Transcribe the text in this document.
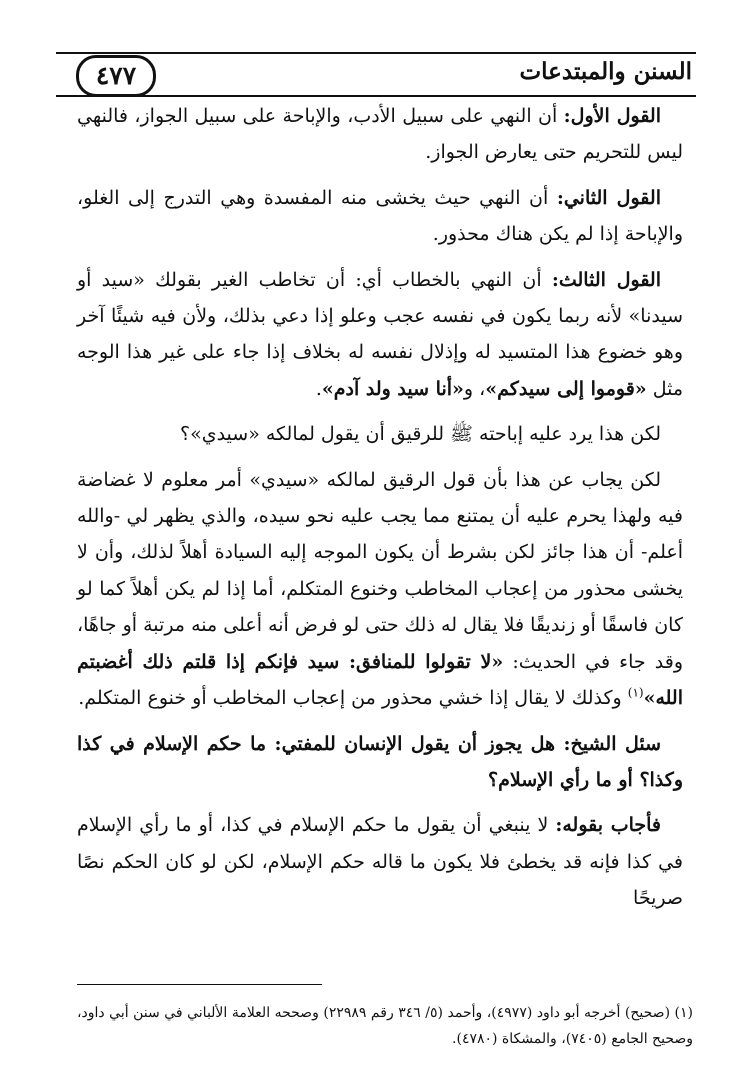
٤٧٧	السنن والمبتدعات

القول الأول: أن النهي على سبيل الأدب، والإباحة على سبيل الجواز، فالنهي ليس للتحريم حتى يعارض الجواز.

القول الثاني: أن النهي حيث يخشى منه المفسدة وهي التدرج إلى الغلو، والإباحة إذا لم يكن هناك محذور.

القول الثالث: أن النهي بالخطاب أي: أن تخاطب الغير بقولك «سيد أو سيدنا» لأنه ربما يكون في نفسه عجب وعلو إذا دعي بذلك، ولأن فيه شيئًا آخر وهو خضوع هذا المتسيد له وإذلال نفسه له بخلاف إذا جاء على غير هذا الوجه مثل «قوموا إلى سيدكم»، و«أنا سيد ولد آدم».

لكن هذا يرد عليه إباحته ﷺ للرقيق أن يقول لمالكه «سيدي»؟

لكن يجاب عن هذا بأن قول الرقيق لمالكه «سيدي» أمر معلوم لا غضاضة فيه ولهذا يحرم عليه أن يمتنع مما يجب عليه نحو سيده، والذي يظهر لي -والله أعلم- أن هذا جائز لكن بشرط أن يكون الموجه إليه السيادة أهلاً لذلك، وأن لا يخشى محذور من إعجاب المخاطب وخنوع المتكلم، أما إذا لم يكن أهلاً كما لو كان فاسقًا أو زنديقًا فلا يقال له ذلك حتى لو فرض أنه أعلى منه مرتبة أو جاهًا، وقد جاء في الحديث: «لا تقولوا للمنافق: سيد فإنكم إذا قلتم ذلك أغضبتم الله»$^{(١)}$ وكذلك لا يقال إذا خشي محذور من إعجاب المخاطب أو خنوع المتكلم.

سئل الشيخ: هل يجوز أن يقول الإنسان للمفتي: ما حكم الإسلام في كذا وكذا؟ أو ما رأي الإسلام؟

فأجاب بقوله: لا ينبغي أن يقول ما حكم الإسلام في كذا، أو ما رأي الإسلام في كذا فإنه قد يخطئ فلا يكون ما قاله حكم الإسلام، لكن لو كان الحكم نصًا صريحًا

(١) (صحيح) أخرجه أبو داود (٤٩٧٧)، وأحمد (٥/ ٣٤٦ رقم ٢٢٩٨٩) وصححه العلامة الألباني في سنن أبي داود، وصحيح الجامع (٧٤٠٥)، والمشكاة (٤٧٨٠).
